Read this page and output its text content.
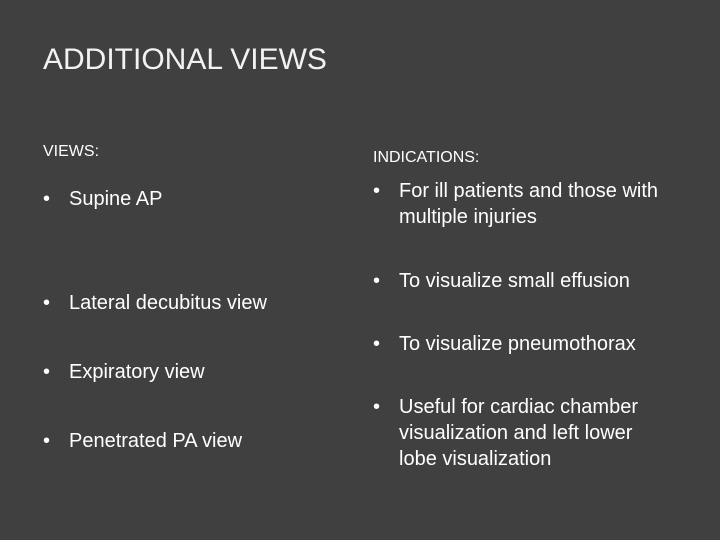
ADDITIONAL VIEWS
VIEWS:	INDICATIONS:
• Supine AP
• Lateral decubitus view
• Expiratory view
• Penetrated PA view
• For ill patients and those with multiple injuries
• To visualize small effusion
• To visualize pneumothorax
• Useful for cardiac chamber visualization and left lower lobe visualization
